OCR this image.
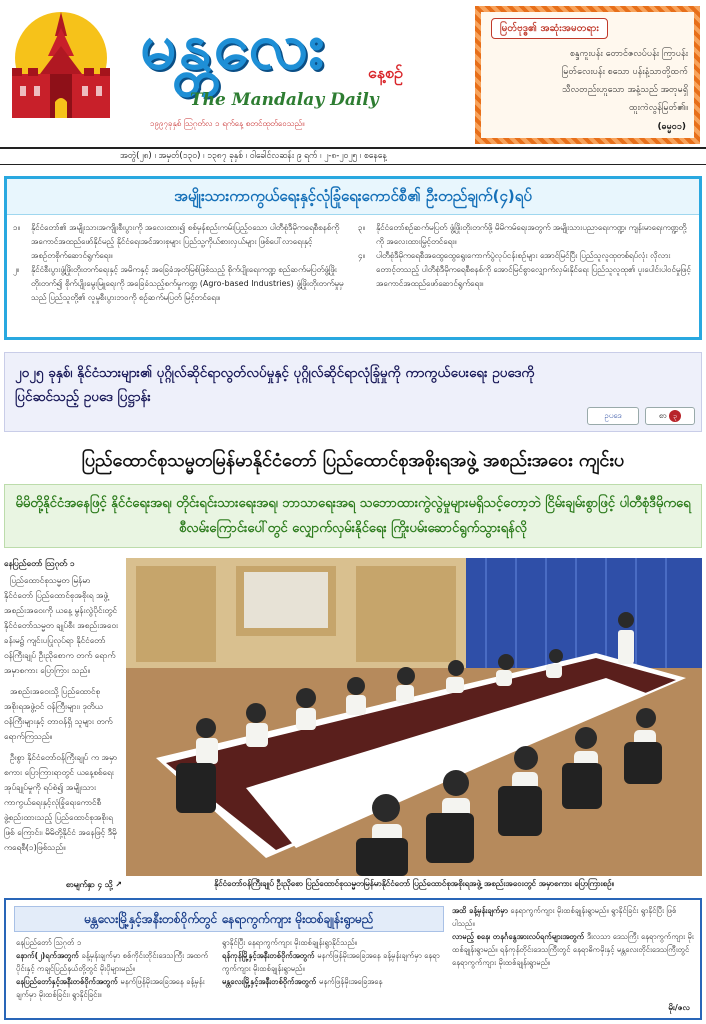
မန္တလေး	နေ့စဉ်
The Mandalay Daily
၁၉၉၇ခုနှစ် ဩဂုတ်လ ၁ ရက်နေ့ စတင်ထုတ်ဝေသည်။
မြတ်ဗုဒ္ဓ၏ အဆုံးအမတရား
စန္ဒကူးပန်း တောင်ဇလပ်ပန်း ကြာပန်း
မြတ်လေးပန်း စသော ပန်းနံ့သာတို့ထက်
သီလတည်းဟူသော အနံ့သည် အတုမရှိ
ထူးကဲလွန်မြတ်၏။
(ဓမ္မ၀၁)
အတွဲ(၂၈) ၊ အမှတ်(၁၃၀) ၊ ၁၃၈၇ ခုနှစ် ၊ ဝါခေါင်လဆန်း ၉ ရက် ၊ ၂-၈-၂၀၂၅ ၊ စနေနေ့
အမျိုးသားကာကွယ်ရေးနှင့်လုံခြုံရေးကောင်စီ၏ ဦးတည်ချက်(၄)ရပ်
၁။	နိုင်ငံတော်၏ အမျိုးသားအကျိုးစီးပွားကို အလေးထား၍ စစ်မှန်စည်းကမ်းပြည့်ဝသော ပါတီစုံဒီမိုကရေစီစနစ်ကို အကောင်အထည်ဖော်နိုင်မည့် နိုင်ငံရေးအင်အားစုများ ပြည်သူ့ကိုယ်စားလှယ်များ ဖြစ်ပေါ်လာရေးနှင့် အစဉ်တစိုက်ဆောင်ရွက်ရေး။
၂။	နိုင်ငံစီးပွားဖွံ့ဖြိုးတိုးတက်ရေးနှင့် အမိကနှင့် အခြေခံအုတ်မြစ်ဖြစ်သည့် စိုက်ပျိုးရေးကဏ္ဍ စည်ဆက်မပြတ်ဖွံ့ဖြိုးတိုးတက်၍ စိုက်ပျိုးမွေးမြူရေးကို အခြေခံသည့်စက်မှုကဏ္ဍ (Agro-based Industries) ဖွံ့ဖြိုးတိုးတက်မှုမှသည် ပြည်သူတို့၏ လူမှုစီးပွားဘဝကို စဉ်ဆက်မပြတ် မြင့်တင်ရေး။
၃။	နိုင်ငံတော်စဉ်ဆက်မပြတ် ဖွံ့ဖြိုးတိုးတက်ဖို့ မိမိကမ်ရေးအတွက် အမျိုးသားပညာရေးကဏ္ဍ၊ ကျန်းမာရေးကဏ္ဍတို့ကို အလေးထားမြှင့်တင်ရေး။
၄။	ပါတီစုံဒီမိုကရေစီအထွေထွေရွေးကောက်ပွဲလုပ်ငန်းစဉ်များ အောင်မြင်ပြီး ပြည်သူလူထုတစ်ရပ်လုံး လိုလားတောင့်တသည့် ပါတီစုံဒီမိုကရေစီစနစ်ကို အောင်မြင်စွာလျှောက်လှမ်းနိုင်ရေး ပြည်သူလူထု၏ ပူးပေါင်းပါဝင်မှုဖြင့် အကောင်အထည်ဖော်ဆောင်ရွက်ရေး။
၂၀၂၅ ခုနှစ်၊ နိုင်ငံသားများ၏ ပုဂ္ဂိုလ်ဆိုင်ရာလွတ်လပ်မှုနှင့် ပုဂ္ဂိုလ်ဆိုင်ရာလုံခြုံမှုကို ကာကွယ်ပေးရေး ဥပဒေကို ပြင်ဆင်သည့် ဥပဒေ ပြဋ္ဌာန်း
ဥပဒေ	စာ ၃
ပြည်ထောင်စုသမ္မတမြန်မာနိုင်ငံတော် ပြည်ထောင်စုအစိုးရအဖွဲ့ အစည်းအဝေး ကျင်းပ
မိမိတို့နိုင်ငံအနေဖြင့် နိုင်ငံရေးအရ၊ တိုင်းရင်းသားရေးအရ၊ ဘာသာရေးအရ သဘောထားကွဲလွဲမှုများမရှိသင့်တော့ဘဲ ငြိမ်းချမ်းစွာဖြင့် ပါတီစုံဒီမိုကရေစီလမ်းကြောင်းပေါ်တွင် လျှောက်လှမ်းနိုင်ရေး ကြိုးပမ်းဆောင်ရွက်သွားရန်လို
နေပြည်တော် ဩဂုတ် ၁

ပြည်ထောင်စုသမ္မတ မြန်မာ နိုင်ငံတော် ပြည်ထောင်စုအစိုးရ အဖွဲ့ အစည်းအဝေးကို ယနေ့ မွန်းလွဲပိုင်းတွင် နိုင်ငံတော်သမ္မတ ချုပ်စီး အစည်းအဝေးခန်းမ၌ ကျင်းပပြုလုပ်ရာ နိုင်ငံတော် ဝန်ကြီးချုပ် ဦးညိုစောက တက် ရောက် အမှာစကား ပြောကြား သည်။

အစည်းအဝေးသို့ ပြည်ထောင်စု အစိုးရအဖွဲ့ဝင် ဝန်ကြီးများ၊ ဒုတိယဝန်ကြီးများနှင့် တာဝန်ရှိ သူများ တက်ရောက်ကြသည်။

ဦးစွာ နိုင်ငံတော်ဝန်ကြီးချုပ် က အမှာစကား ပြောကြားရာတွင် ယနေ့စစ်ရေးအုပ်ချုပ်မှုကို ရပ်စဲ၍ အမျိုးသားကာကွယ်ရေးနှင့်လုံခြုံရေးကောင်စီ ဖွဲ့စည်းထားသည့် ပြည်ထောင်စုအစိုးရ ဖြစ် ကြောင်း၊ မိမိတို့နိုင်ငံ အနေဖြင့် ဒီမိုကရေစီ(၁)ဖြစ်သည်။

စာမျက်နှာ ၄ သို့ ↗	နိုင်ငံတော်ဝန်ကြီးချုပ် ဦးညိုစော ပြည်ထောင်စုသမ္မတမြန်မာနိုင်ငံတော် ပြည်ထောင်စုအစိုးရအဖွဲ့ အစည်းအဝေးတွင် အမှာစကား ပြောကြားစဉ်။
မန္တလေးမြို့နှင့်အနီးတစ်ဝိုက်တွင် နေရာကွက်ကျား မိုးထစ်ချုန်းရွာမည်
နေပြည်တော် ဩဂုတ် ၁
နောက်(၂)ရက်အတွက် ခန့်မှန်းချက်မှာ စစ်ကိုင်းတိုင်းဒေသကြီး အထက်ပိုင်းနှင့် ကချင်ပြည်နယ်တို့တွင် မိုးပိုများမည်။
နေပြည်တော်နှင့်အနီးတစ်ဝိုက်အတွက် မနက်ဖြန်မိုးအခြေအနေ ခန့်မှန်းချက်မှာ မိုးထစ်ခြင်း၊ ရွာနိုင်ခြင်း။
ရွာနိုင်ပြီး နေရာကွက်ကျား မိုးထစ်ချုန်းရွာနိုင်သည်။
ရန်ကုန်မြို့နှင့်အနီးတစ်ဝိုက်အတွက် မနက်ဖြန်မိုးအခြေအနေ ခန့်မှန်းချက်မှာ နေရာကွက်ကျား မိုးထစ်ချုန်းရွာမည်။
မန္တလေးမြို့နှင့်အနီးတစ်ဝိုက်အတွက် မနက်ဖြန်မိုးအခြေအနေ
အထိ ခန့်မှန်းချက်မှာ နေရာကွက်ကျား မိုးထစ်ချုန်းရွာမည်။ ရွာနိုင်ခြင်း ရွာနိုင်ပြီး ဖြစ်ပါသည်။
လာမည့် စနေ၊ တနင်္ဂနွေအားလပ်ရက်များအတွက် ဒီးလသာ ဒေသကြီး နေရာကွက်ကျား မိုးထစ်ချုန်းရွာမည်။ ရန်ကုန်တိုင်းဒေသကြီးတွင် နေရာဓိကမိုးနှင့် မန္တလေးတိုင်းဒေသကြီးတွင် နေရာကွက်ကျား မိုးထစ်ချုန်းရွာမည်။
မိုး/ဇလ
